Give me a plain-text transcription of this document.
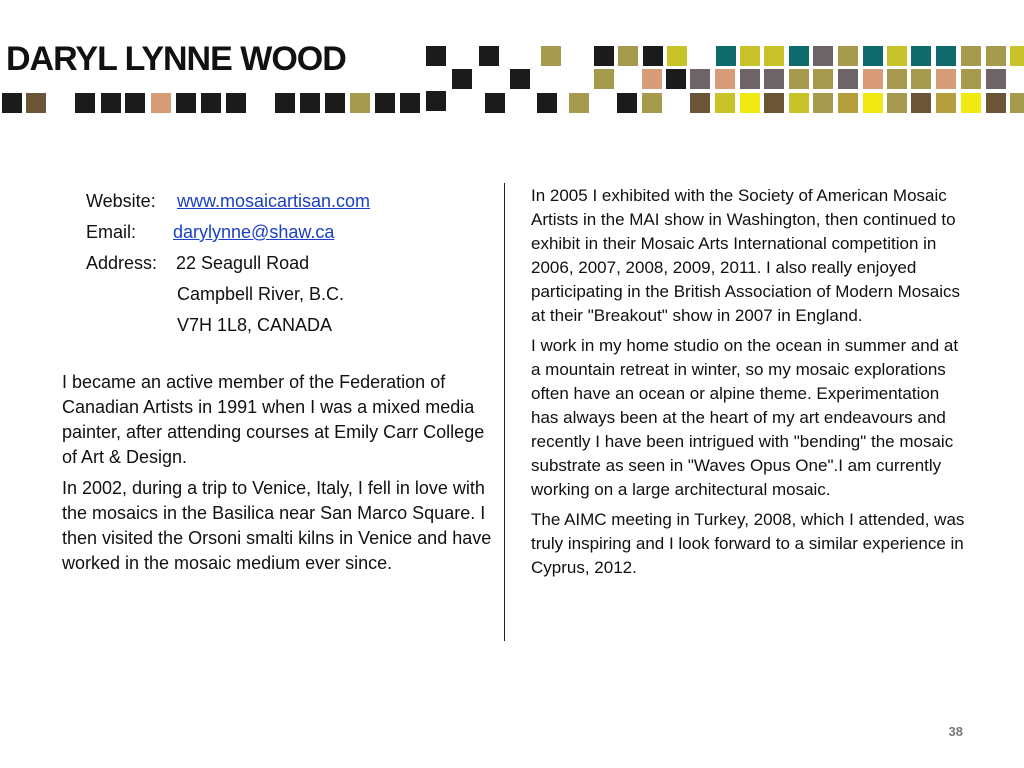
DARYL LYNNE WOOD
Website: www.mosaicartisan.com
Email: darylynne@shaw.ca
Address: 22 Seagull Road
Campbell River, B.C.
V7H 1L8, CANADA

I became an active member of the Federation of Canadian Artists in 1991 when I was a mixed media painter, after attending courses at Emily Carr College of Art & Design.

In 2002, during a trip to Venice, Italy, I fell in love with the mosaics in the Basilica near San Marco Square. I then visited the Orsoni smalti kilns in Venice and have worked in the mosaic medium ever since.

In 2005 I exhibited with the Society of American Mosaic Artists in the MAI show in Washington, then continued to exhibit in their Mosaic Arts International competition in 2006, 2007, 2008, 2009, 2011. I also really enjoyed participating in the British Association of Modern Mosaics at their "Breakout" show in 2007 in England.

I work in my home studio on the ocean in summer and at a mountain retreat in winter, so my mosaic explorations often have an ocean or alpine theme. Experimentation has always been at the heart of my art endeavours and recently I have been intrigued with "bending" the mosaic substrate as seen in "Waves Opus One".I am currently working on a large architectural mosaic.

The AIMC meeting in Turkey, 2008, which I attended, was truly inspiring and I look forward to a similar experience in Cyprus, 2012.

38
